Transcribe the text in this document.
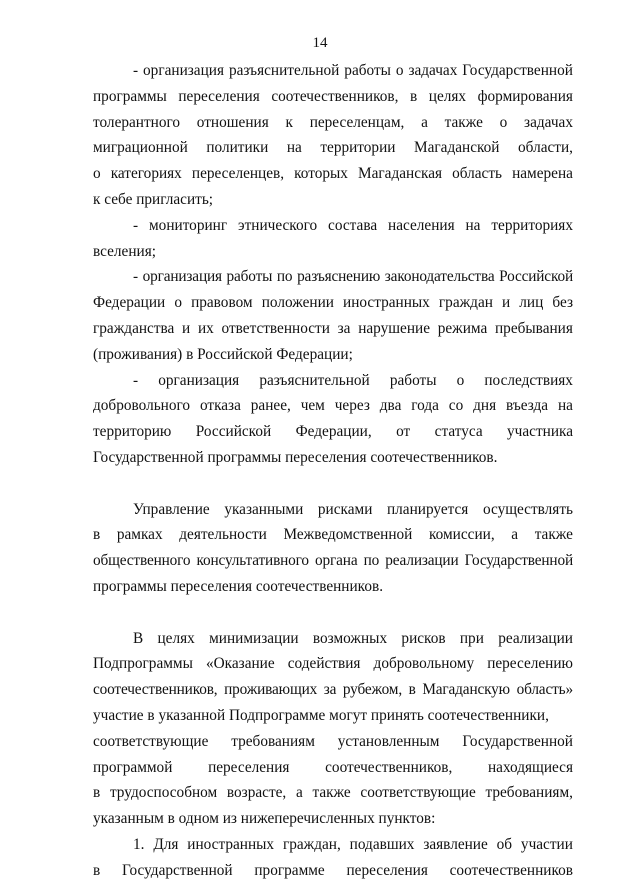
14
- организация разъяснительной работы о задачах Государственной
программы переселения соотечественников, в целях формирования
толерантного отношения к переселенцам, а также о задачах
миграционной политики на территории Магаданской области,
о категориях переселенцев, которых Магаданская область намерена
к себе пригласить;
- мониторинг этнического состава населения на территориях
вселения;
- организация работы по разъяснению законодательства Российской
Федерации о правовом положении иностранных граждан и лиц без
гражданства и их ответственности за нарушение режима пребывания
(проживания) в Российской Федерации;
- организация разъяснительной работы о последствиях
добровольного отказа ранее, чем через два года со дня въезда на
территорию Российской Федерации, от статуса участника
Государственной программы переселения соотечественников.
Управление указанными рисками планируется осуществлять
в рамках деятельности Межведомственной комиссии, а также
общественного консультативного органа по реализации Государственной
программы переселения соотечественников.
В целях минимизации возможных рисков при реализации
Подпрограммы «Оказание содействия добровольному переселению
соотечественников, проживающих за рубежом, в Магаданскую область»
участие в указанной Подпрограмме могут принять соотечественники,
соответствующие требованиям установленным Государственной
программой переселения соотечественников, находящиеся
в трудоспособном возрасте, а также соответствующие требованиям,
указанным в одном из нижеперечисленных пунктов:
1. Для иностранных граждан, подавших заявление об участии
в Государственной программе переселения соотечественников
